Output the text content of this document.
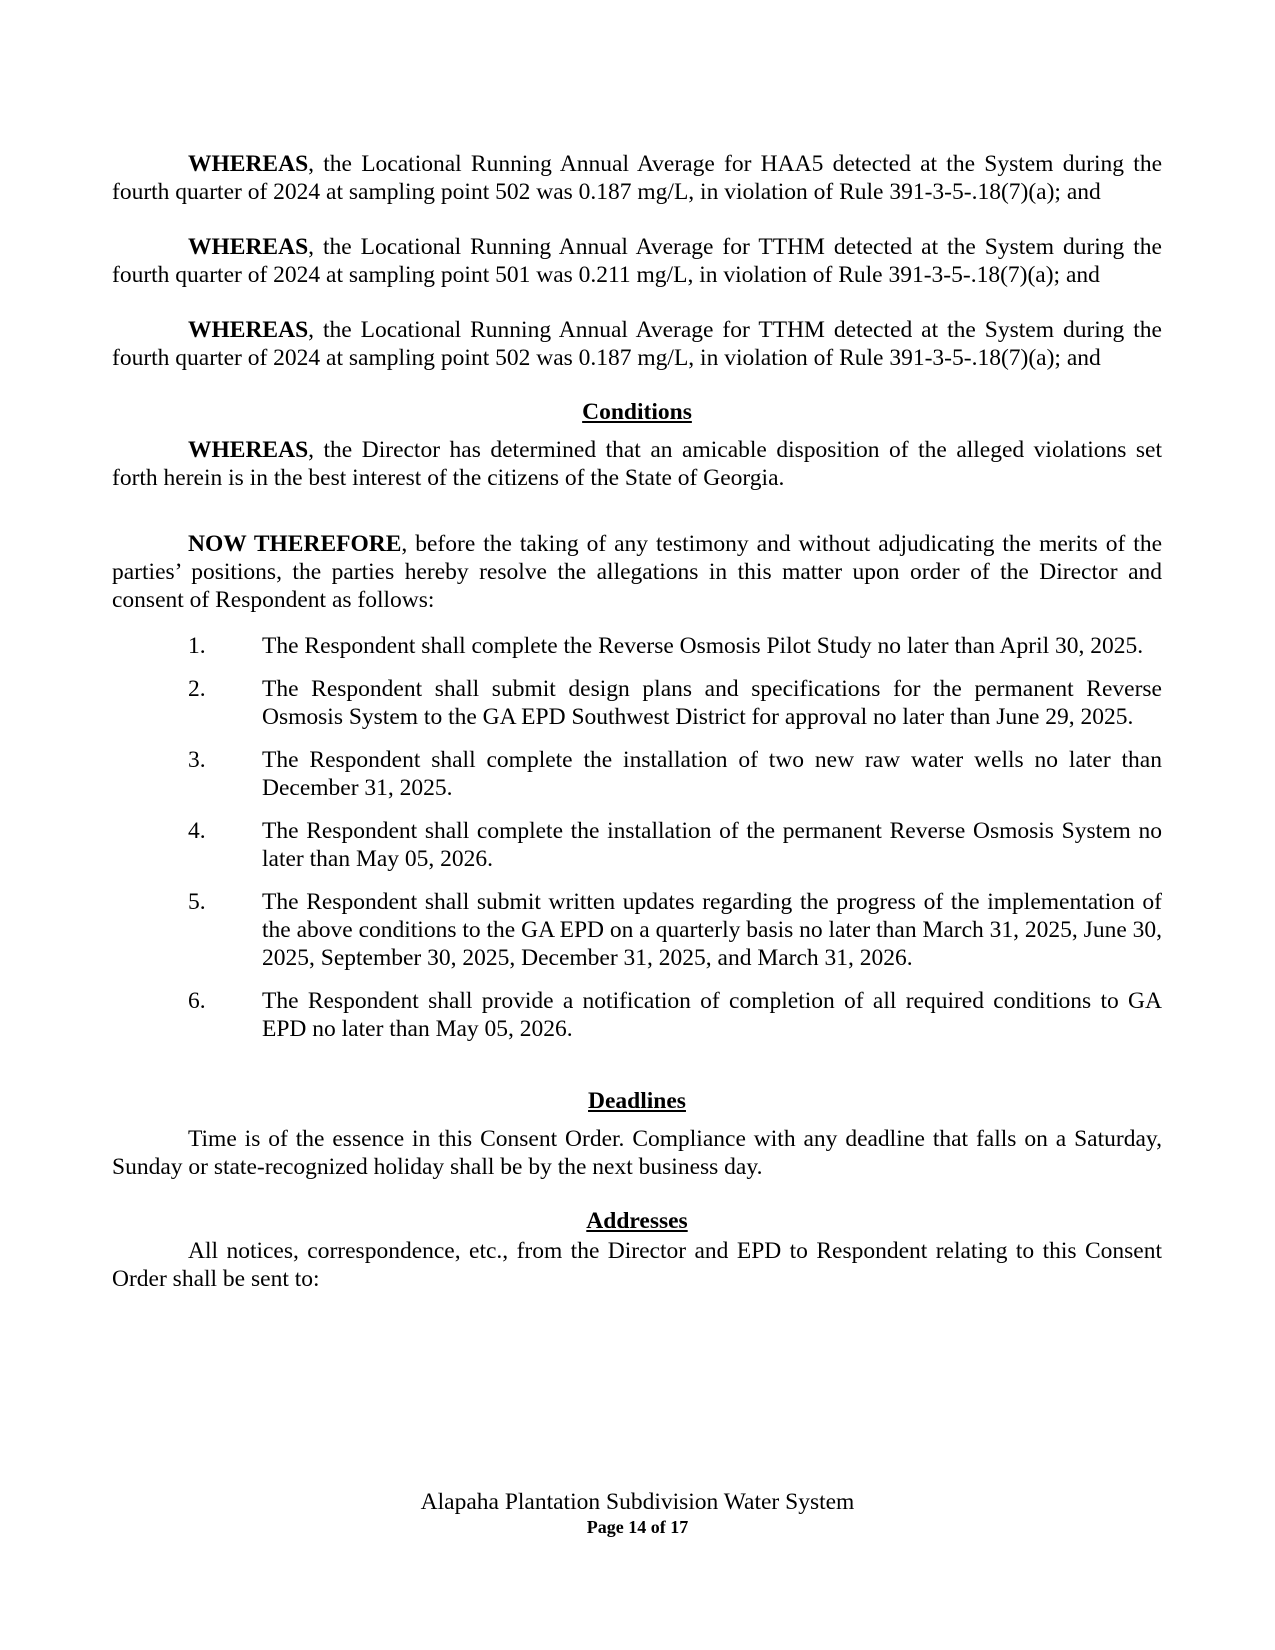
WHEREAS, the Locational Running Annual Average for HAA5 detected at the System during the fourth quarter of 2024 at sampling point 502 was 0.187 mg/L, in violation of Rule 391-3-5-.18(7)(a); and

WHEREAS, the Locational Running Annual Average for TTHM detected at the System during the fourth quarter of 2024 at sampling point 501 was 0.211 mg/L, in violation of Rule 391-3-5-.18(7)(a); and

WHEREAS, the Locational Running Annual Average for TTHM detected at the System during the fourth quarter of 2024 at sampling point 502 was 0.187 mg/L, in violation of Rule 391-3-5-.18(7)(a); and

Conditions

WHEREAS, the Director has determined that an amicable disposition of the alleged violations set forth herein is in the best interest of the citizens of the State of Georgia.

NOW THEREFORE, before the taking of any testimony and without adjudicating the merits of the parties’ positions, the parties hereby resolve the allegations in this matter upon order of the Director and consent of Respondent as follows:

1.	The Respondent shall complete the Reverse Osmosis Pilot Study no later than April 30, 2025.
2.	The Respondent shall submit design plans and specifications for the permanent Reverse Osmosis System to the GA EPD Southwest District for approval no later than June 29, 2025.
3.	The Respondent shall complete the installation of two new raw water wells no later than December 31, 2025.
4.	The Respondent shall complete the installation of the permanent Reverse Osmosis System no later than May 05, 2026.
5.	The Respondent shall submit written updates regarding the progress of the implementation of the above conditions to the GA EPD on a quarterly basis no later than March 31, 2025, June 30, 2025, September 30, 2025, December 31, 2025, and March 31, 2026.
6.	The Respondent shall provide a notification of completion of all required conditions to GA EPD no later than May 05, 2026.
Deadlines

Time is of the essence in this Consent Order. Compliance with any deadline that falls on a Saturday, Sunday or state-recognized holiday shall be by the next business day.

Addresses

All notices, correspondence, etc., from the Director and EPD to Respondent relating to this Consent Order shall be sent to:

Alapaha Plantation Subdivision Water System
Page 14 of 17
